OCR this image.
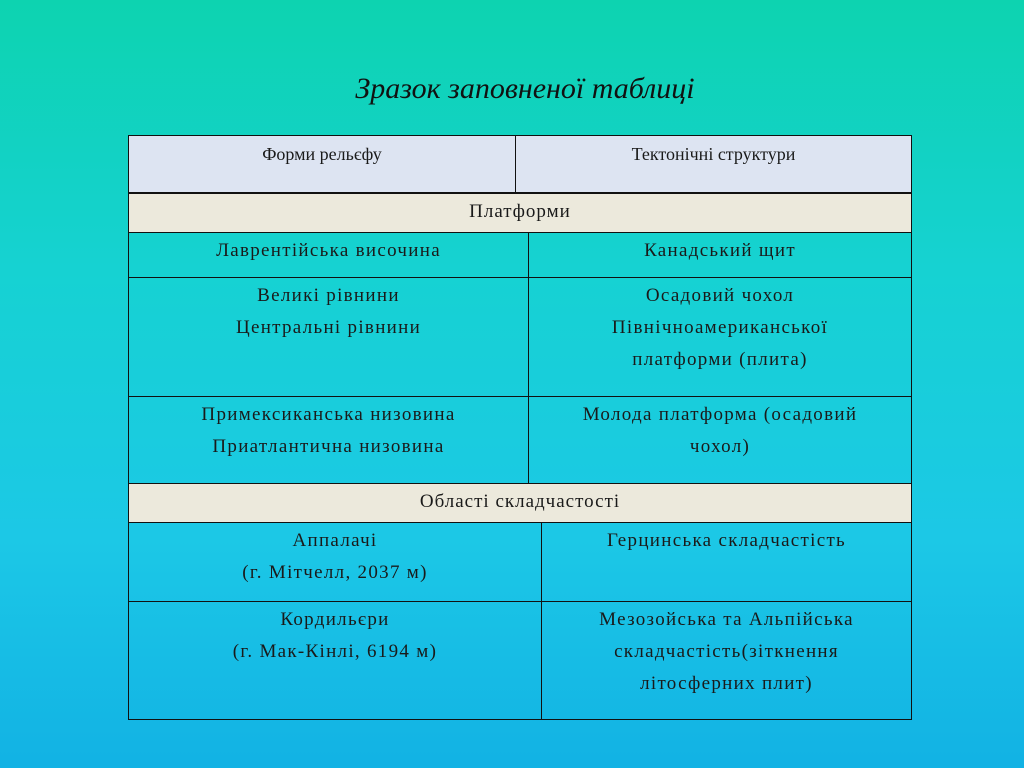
Зразок заповненої таблиці
Форми рельєфу	Тектонічні структури
Платформи
Лаврентійська височина	Канадський щит
Великі рівнини
Центральні рівнини
Осадовий чохол
Північноамериканської
платформи (плита)
Примексиканська низовина
Приатлантична низовина
Молода платформа (осадовий
чохол)
Області складчастості
Аппалачі
(г. Мітчелл, 2037 м)
Герцинська складчастість
Кордильєри
(г. Мак-Кінлі, 6194 м)
Мезозойська та Альпійська
складчастість(зіткнення
літосферних плит)
